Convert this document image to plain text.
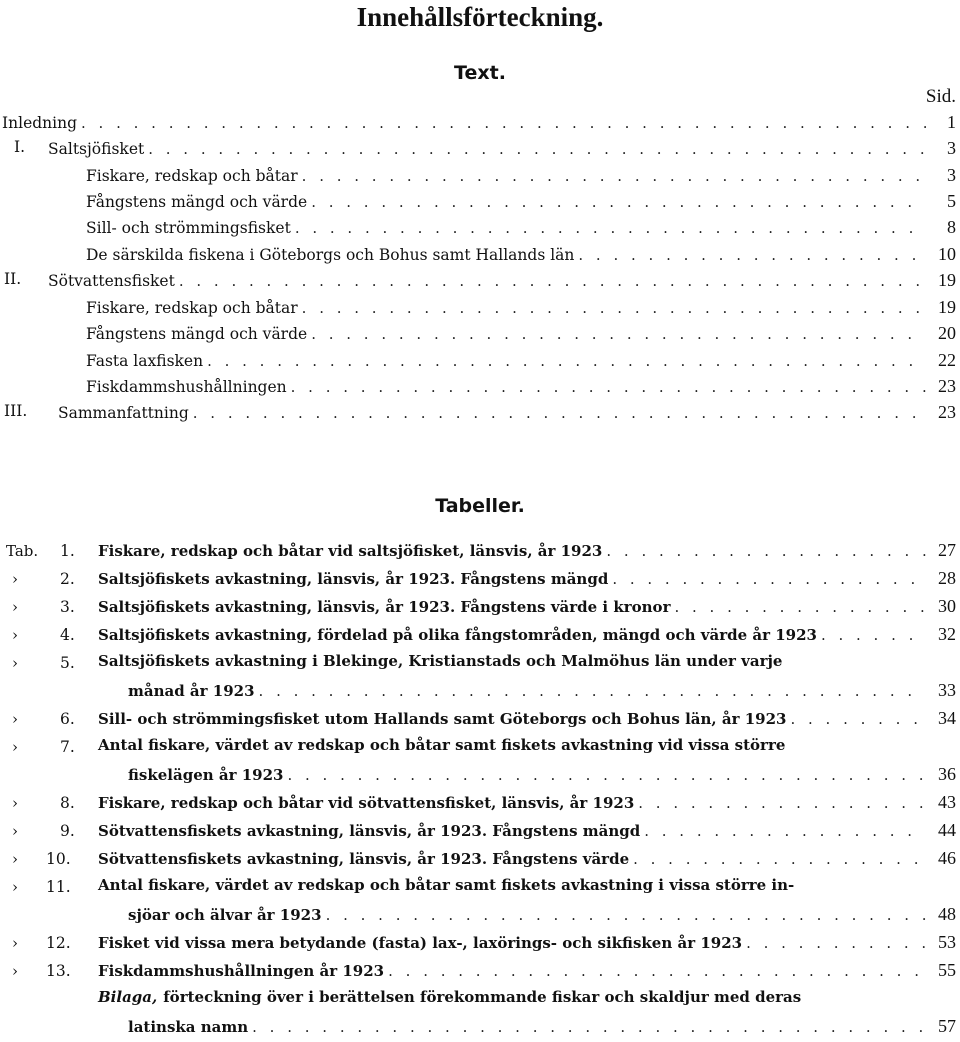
Innehållsförteckning.
Text.
Sid.
Inledning . . .	1
I. Saltsjöfisket . . .	3
Fiskare, redskap och båtar . . .	3
Fångstens mängd och värde . . .	5
Sill- och strömmingsfisket . . .	8
De särskilda fiskena i Göteborgs och Bohus samt Hallands län . . .	10
II. Sötvattensfisket . . .	19
Fiskare, redskap och båtar . . .	19
Fångstens mängd och värde . . .	20
Fasta laxfisken . . .	22
Fiskdammshushållningen . . .	23
III. Sammanfattning . . .	23
Tabeller.
Tab. 1. Fiskare, redskap och båtar vid saltsjöfisket, länsvis, år 1923 . . .	27
›	2. Saltsjöfiskets avkastning, länsvis, år 1923. Fångstens mängd . . .	28
›	3. Saltsjöfiskets avkastning, länsvis, år 1923. Fångstens värde i kronor . . .	30
›	4. Saltsjöfiskets avkastning, fördelad på olika fångstområden, mängd och värde år 1923 . . .	32
›	5. Saltsjöfiskets avkastning i Blekinge, Kristianstads och Malmöhus län under varje
månad år 1923 . . .	33
›	6. Sill- och strömmingsfisket utom Hallands samt Göteborgs och Bohus län, år 1923 . . .	34
›	7. Antal fiskare, värdet av redskap och båtar samt fiskets avkastning vid vissa större
fiskelägen år 1923 . . .	36
›	8. Fiskare, redskap och båtar vid sötvattensfisket, länsvis, år 1923 . . .	43
›	9. Sötvattensfiskets avkastning, länsvis, år 1923. Fångstens mängd . . .	44
› 10. Sötvattensfiskets avkastning, länsvis, år 1923. Fångstens värde . . .	46
› 11. Antal fiskare, värdet av redskap och båtar samt fiskets avkastning i vissa större in-
sjöar och älvar år 1923 . . .	48
› 12. Fisket vid vissa mera betydande (fasta) lax-, laxörings- och sikfisken år 1923 . . .	53
› 13. Fiskdammshushållningen år 1923 . . .	55
Bilaga, förteckning över i berättelsen förekommande fiskar och skaldjur med deras
latinska namn . . .	57
